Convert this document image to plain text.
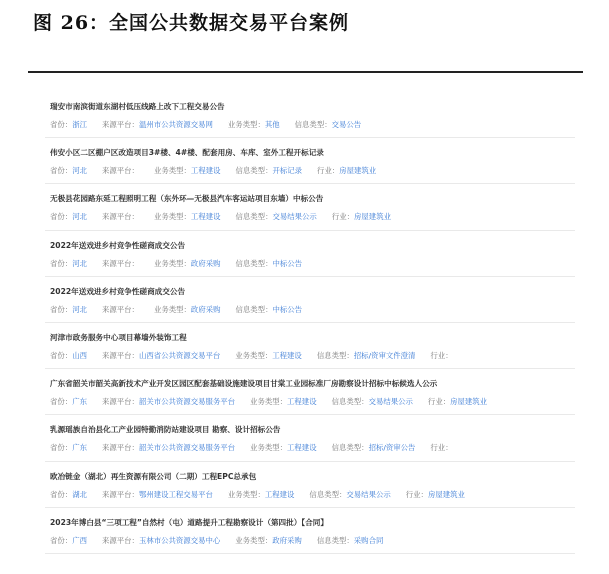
图 26：全国公共数据交易平台案例
瑞安市南滨街道东湖村低压线路上改下工程交易公告
省份：浙江 来源平台：温州市公共资源交易网 业务类型：其他 信息类型：交易公告
伟安小区二区棚户区改造项目3#楼、4#楼、配套用房、车库、室外工程开标记录
省份：河北 来源平台： 业务类型：工程建设 信息类型：开标记录 行业：房屋建筑业
无极县花园路东延工程照明工程（东外环—无极县汽车客运站项目东墙）中标公告
省份：河北 来源平台： 业务类型：工程建设 信息类型：交易结果公示 行业：房屋建筑业
2022年送戏进乡村竞争性磋商成交公告
省份：河北 来源平台： 业务类型：政府采购 信息类型：中标公告
2022年送戏进乡村竞争性磋商成交公告
省份：河北 来源平台： 业务类型：政府采购 信息类型：中标公告
河津市政务服务中心项目幕墙外装饰工程
省份：山西 来源平台：山西省公共资源交易平台 业务类型：工程建设 信息类型：招标/资审文件澄清 行业：
广东省韶关市韶关高新技术产业开发区园区配套基础设施建设项目甘棠工业园标准厂房勘察设计招标中标候选人公示
省份：广东 来源平台：韶关市公共资源交易服务平台 业务类型：工程建设 信息类型：交易结果公示 行业：房屋建筑业
乳源瑶族自治县化工产业园特勤消防站建设项目 勘察、设计招标公告
省份：广东 来源平台：韶关市公共资源交易服务平台 业务类型：工程建设 信息类型：招标/资审公告 行业：
欧冶链金（湖北）再生资源有限公司（二期）工程EPC总承包
省份：湖北 来源平台：鄂州建设工程交易平台 业务类型：工程建设 信息类型：交易结果公示 行业：房屋建筑业
2023年博白县“三项工程”自然村（屯）道路提升工程勘察设计（第四批）【合同】
省份：广西 来源平台：玉林市公共资源交易中心 业务类型：政府采购 信息类型：采购合同
